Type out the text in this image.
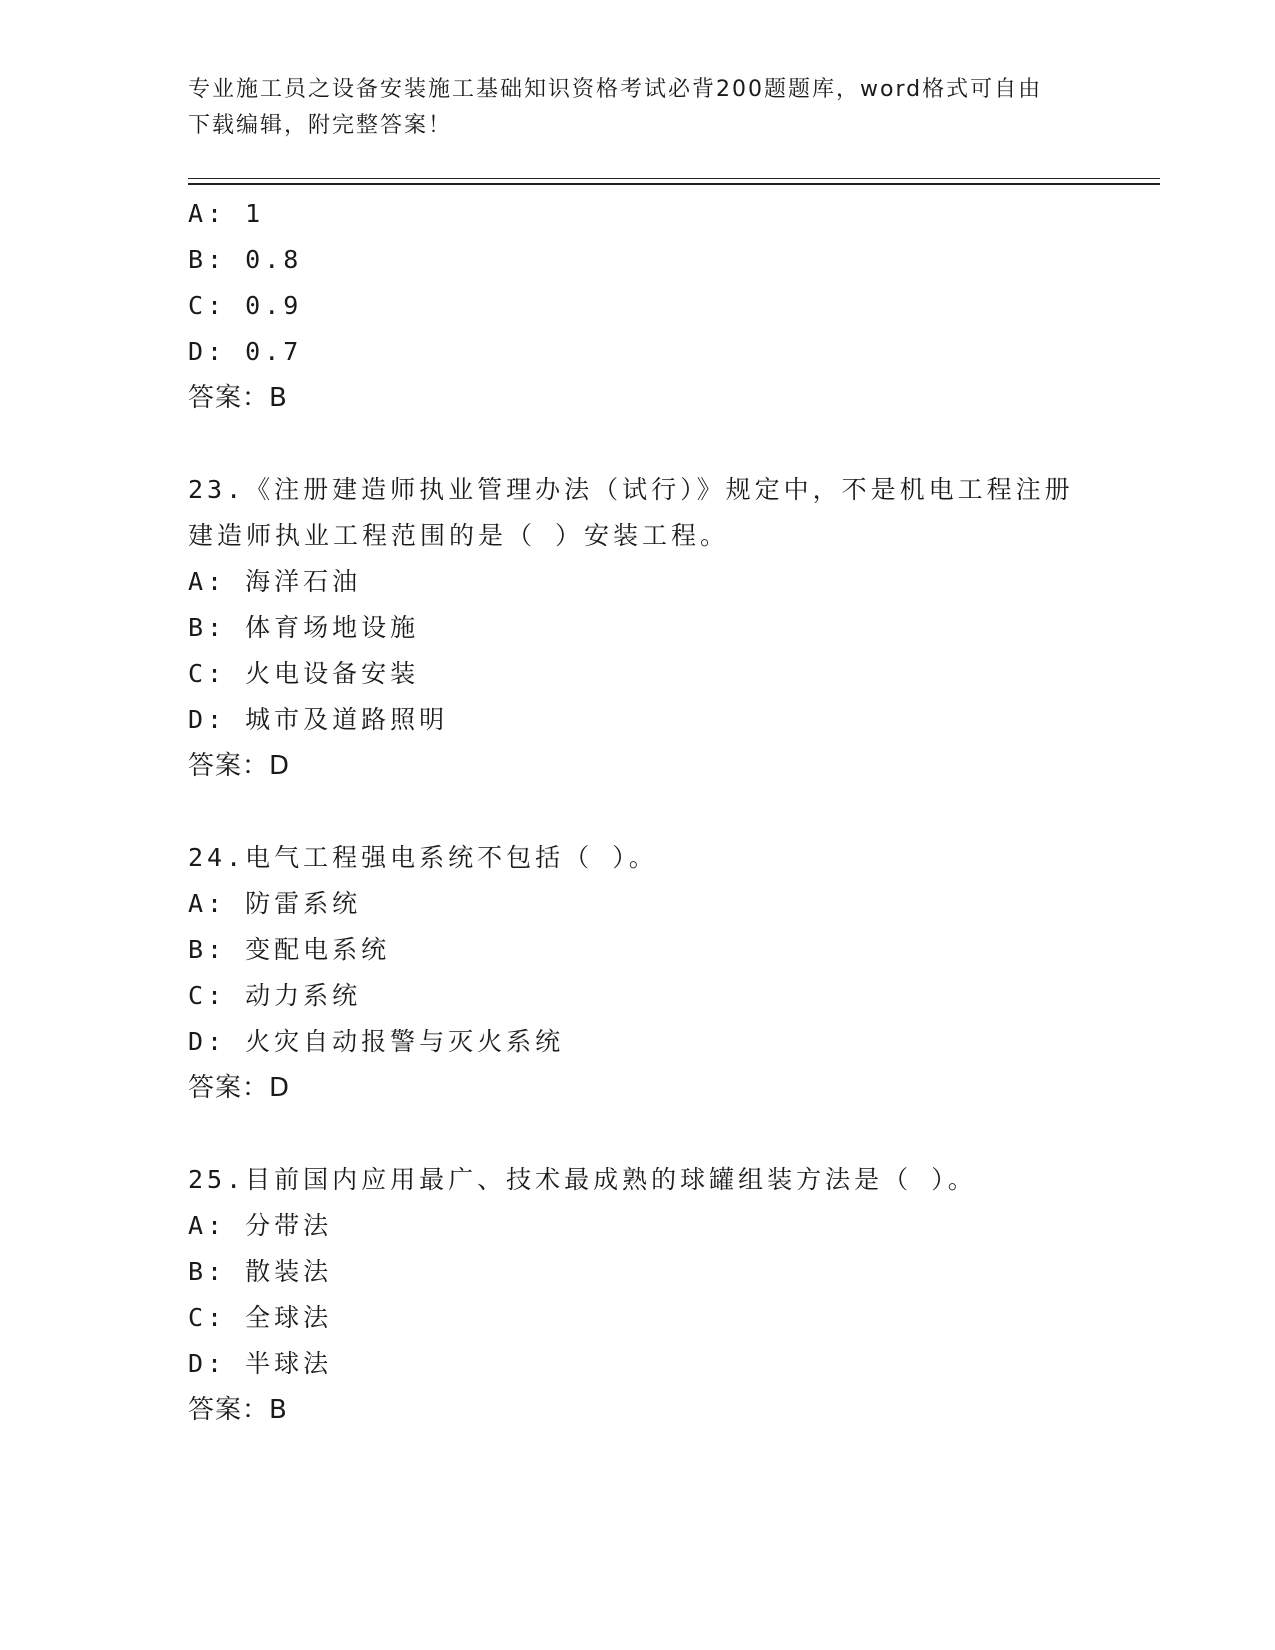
专业施工员之设备安装施工基础知识资格考试必背200题题库，word格式可自由
下载编辑，附完整答案！
A: 1
B: 0.8
C: 0.9
D: 0.7
答案：B
23.《注册建造师执业管理办法（试行）》规定中，不是机电工程注册
建造师执业工程范围的是（ ）安装工程。
A: 海洋石油
B: 体育场地设施
C: 火电设备安装
D: 城市及道路照明
答案：D
24.电气工程强电系统不包括（ ）。
A: 防雷系统
B: 变配电系统
C: 动力系统
D: 火灾自动报警与灭火系统
答案：D
25.目前国内应用最广、技术最成熟的球罐组装方法是（ ）。
A: 分带法
B: 散装法
C: 全球法
D: 半球法
答案：B
